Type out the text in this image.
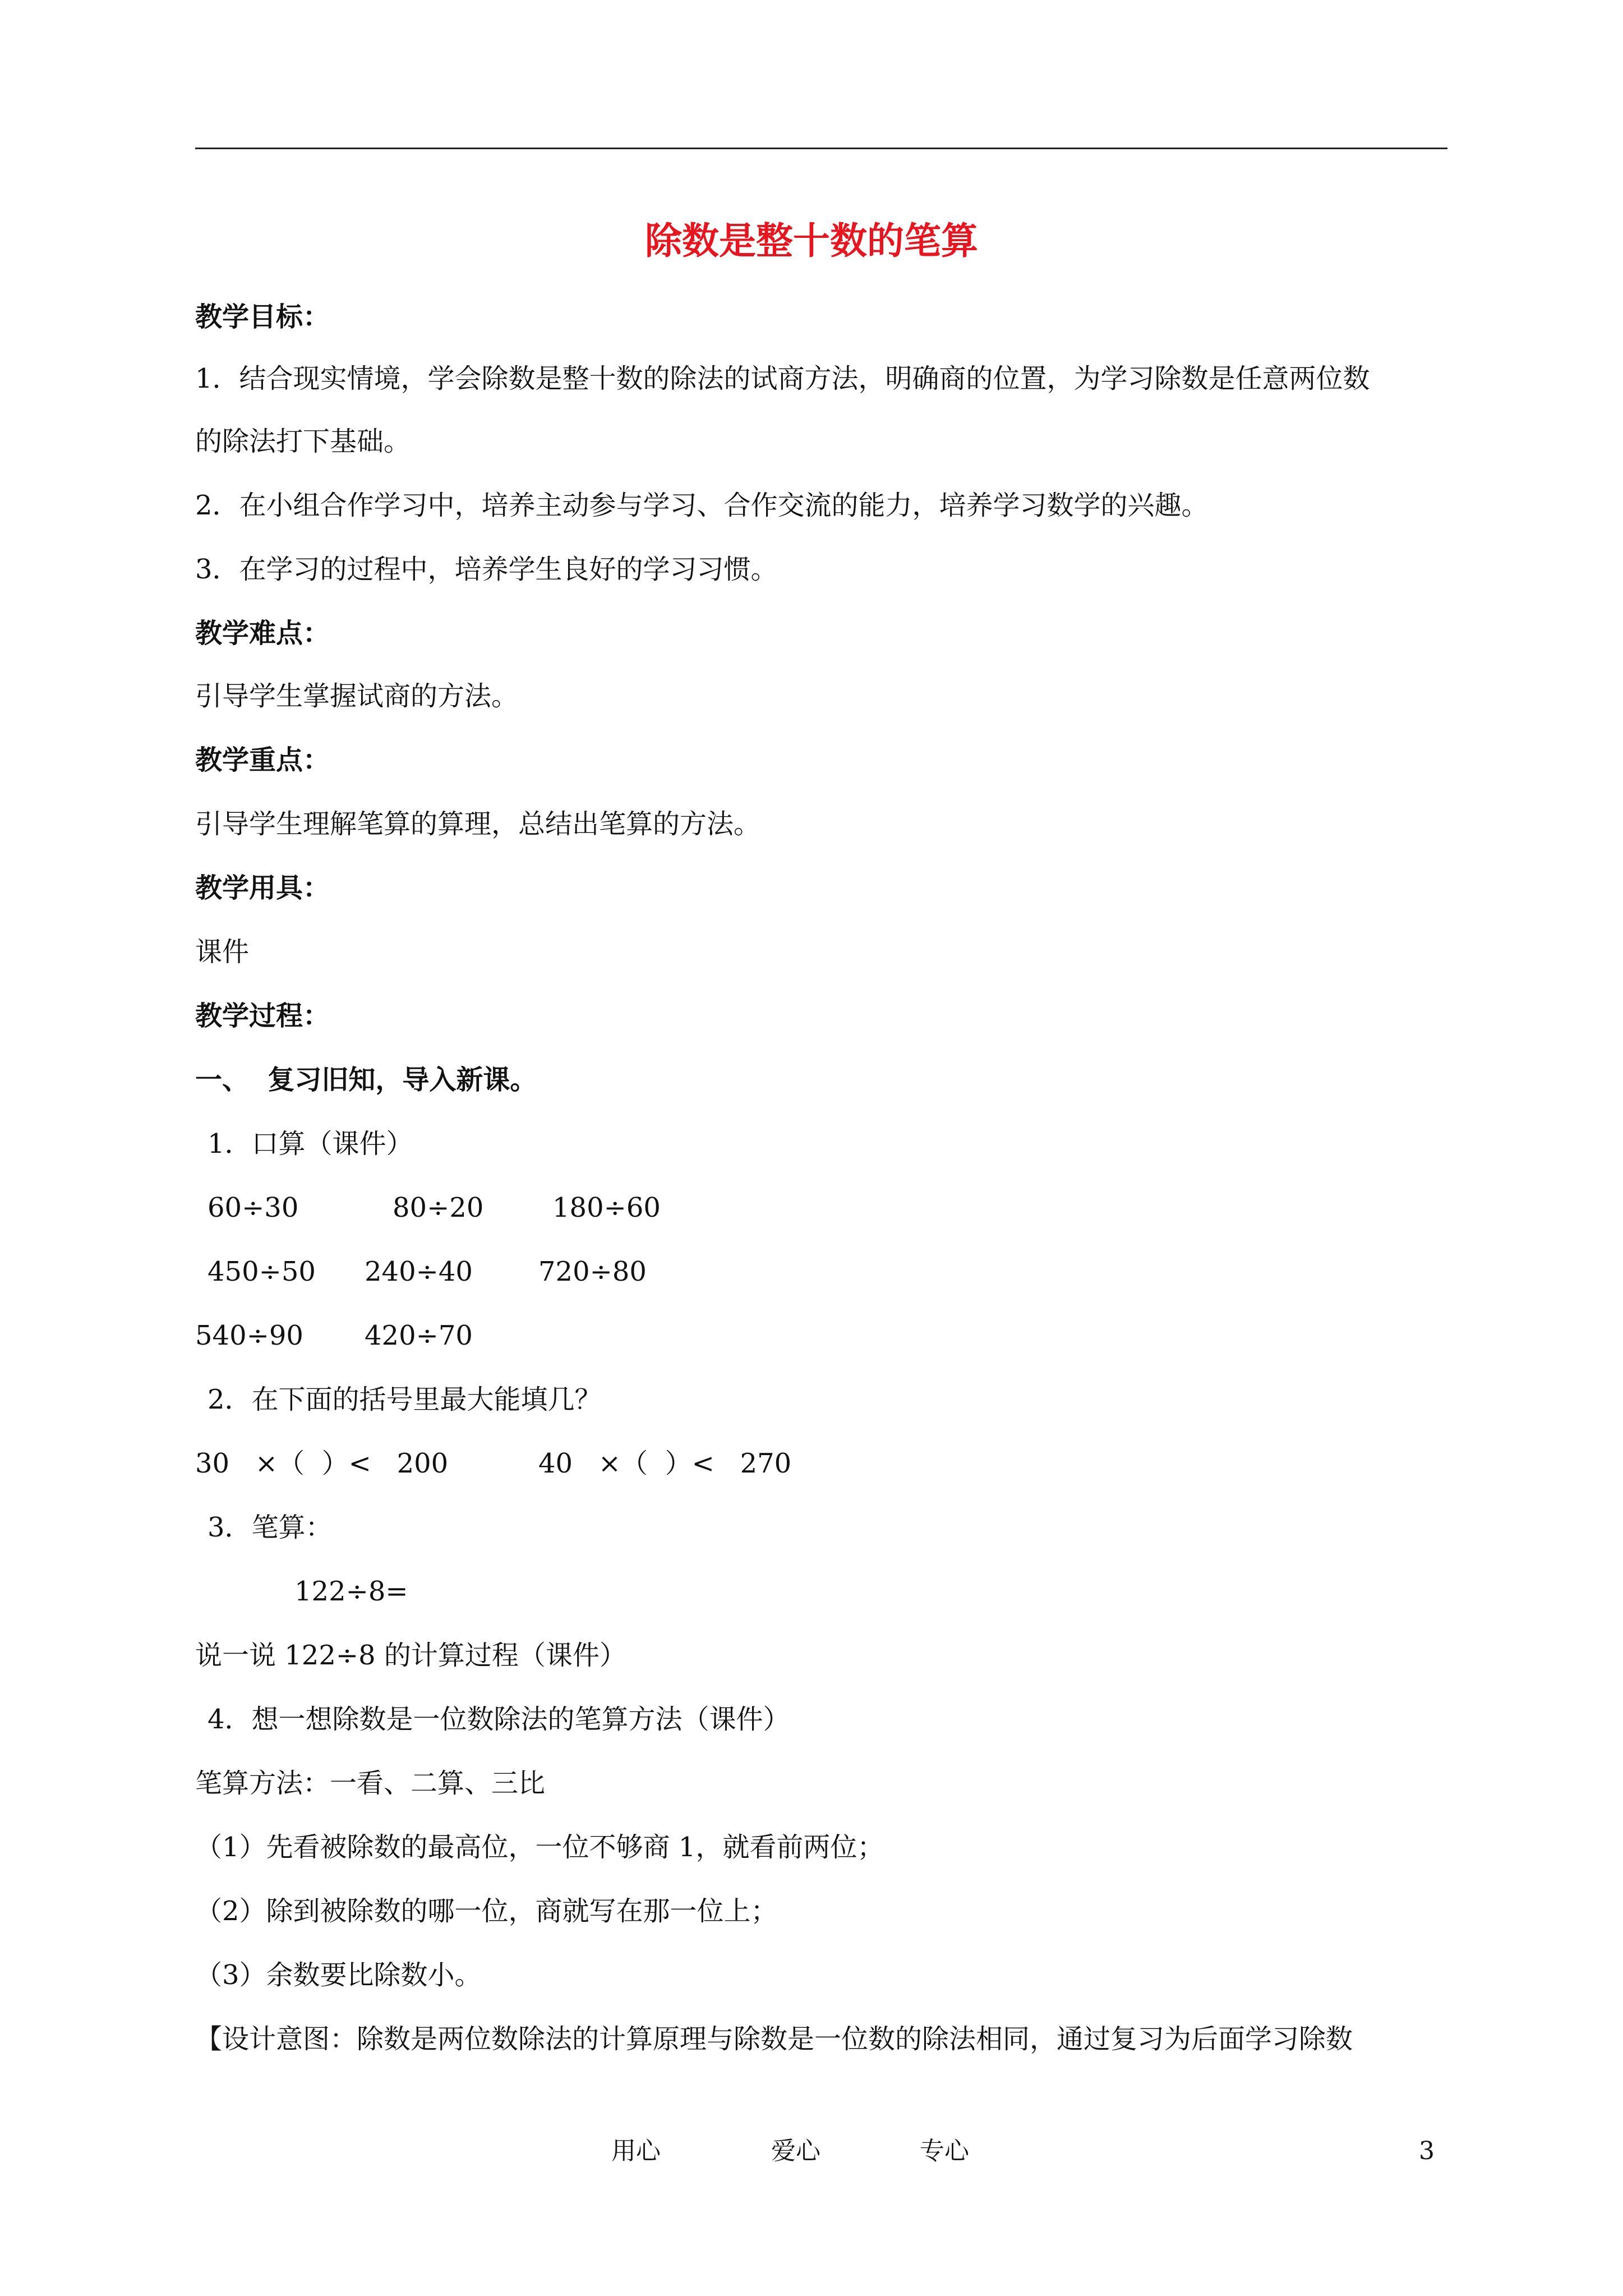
除数是整十数的笔算
教学目标：
1．结合现实情境，学会除数是整十数的除法的试商方法，明确商的位置，为学习除数是任意两位数
的除法打下基础。
2．在小组合作学习中，培养主动参与学习、合作交流的能力，培养学习数学的兴趣。
3．在学习的过程中，培养学生良好的学习习惯。
教学难点：
引导学生掌握试商的方法。
教学重点：
引导学生理解笔算的算理，总结出笔算的方法。
教学用具：
课件
教学过程：
一、  复习旧知，导入新课。
1．口算（课件）
60÷30	80÷20	180÷60
450÷50 240÷40 720÷80
540÷90 420÷70
2．在下面的括号里最大能填几？
30   ×（  ）<   200	40   ×（  ）<   270
3．笔算：
122÷8=
说一说 122÷8 的计算过程（课件）
4．想一想除数是一位数除法的笔算方法（课件）
笔算方法：一看、二算、三比
（1）先看被除数的最高位，一位不够商 1，就看前两位；
（2）除到被除数的哪一位，商就写在那一位上；
（3）余数要比除数小。
【设计意图：除数是两位数除法的计算原理与除数是一位数的除法相同，通过复习为后面学习除数
用心	爱心	专心	3
